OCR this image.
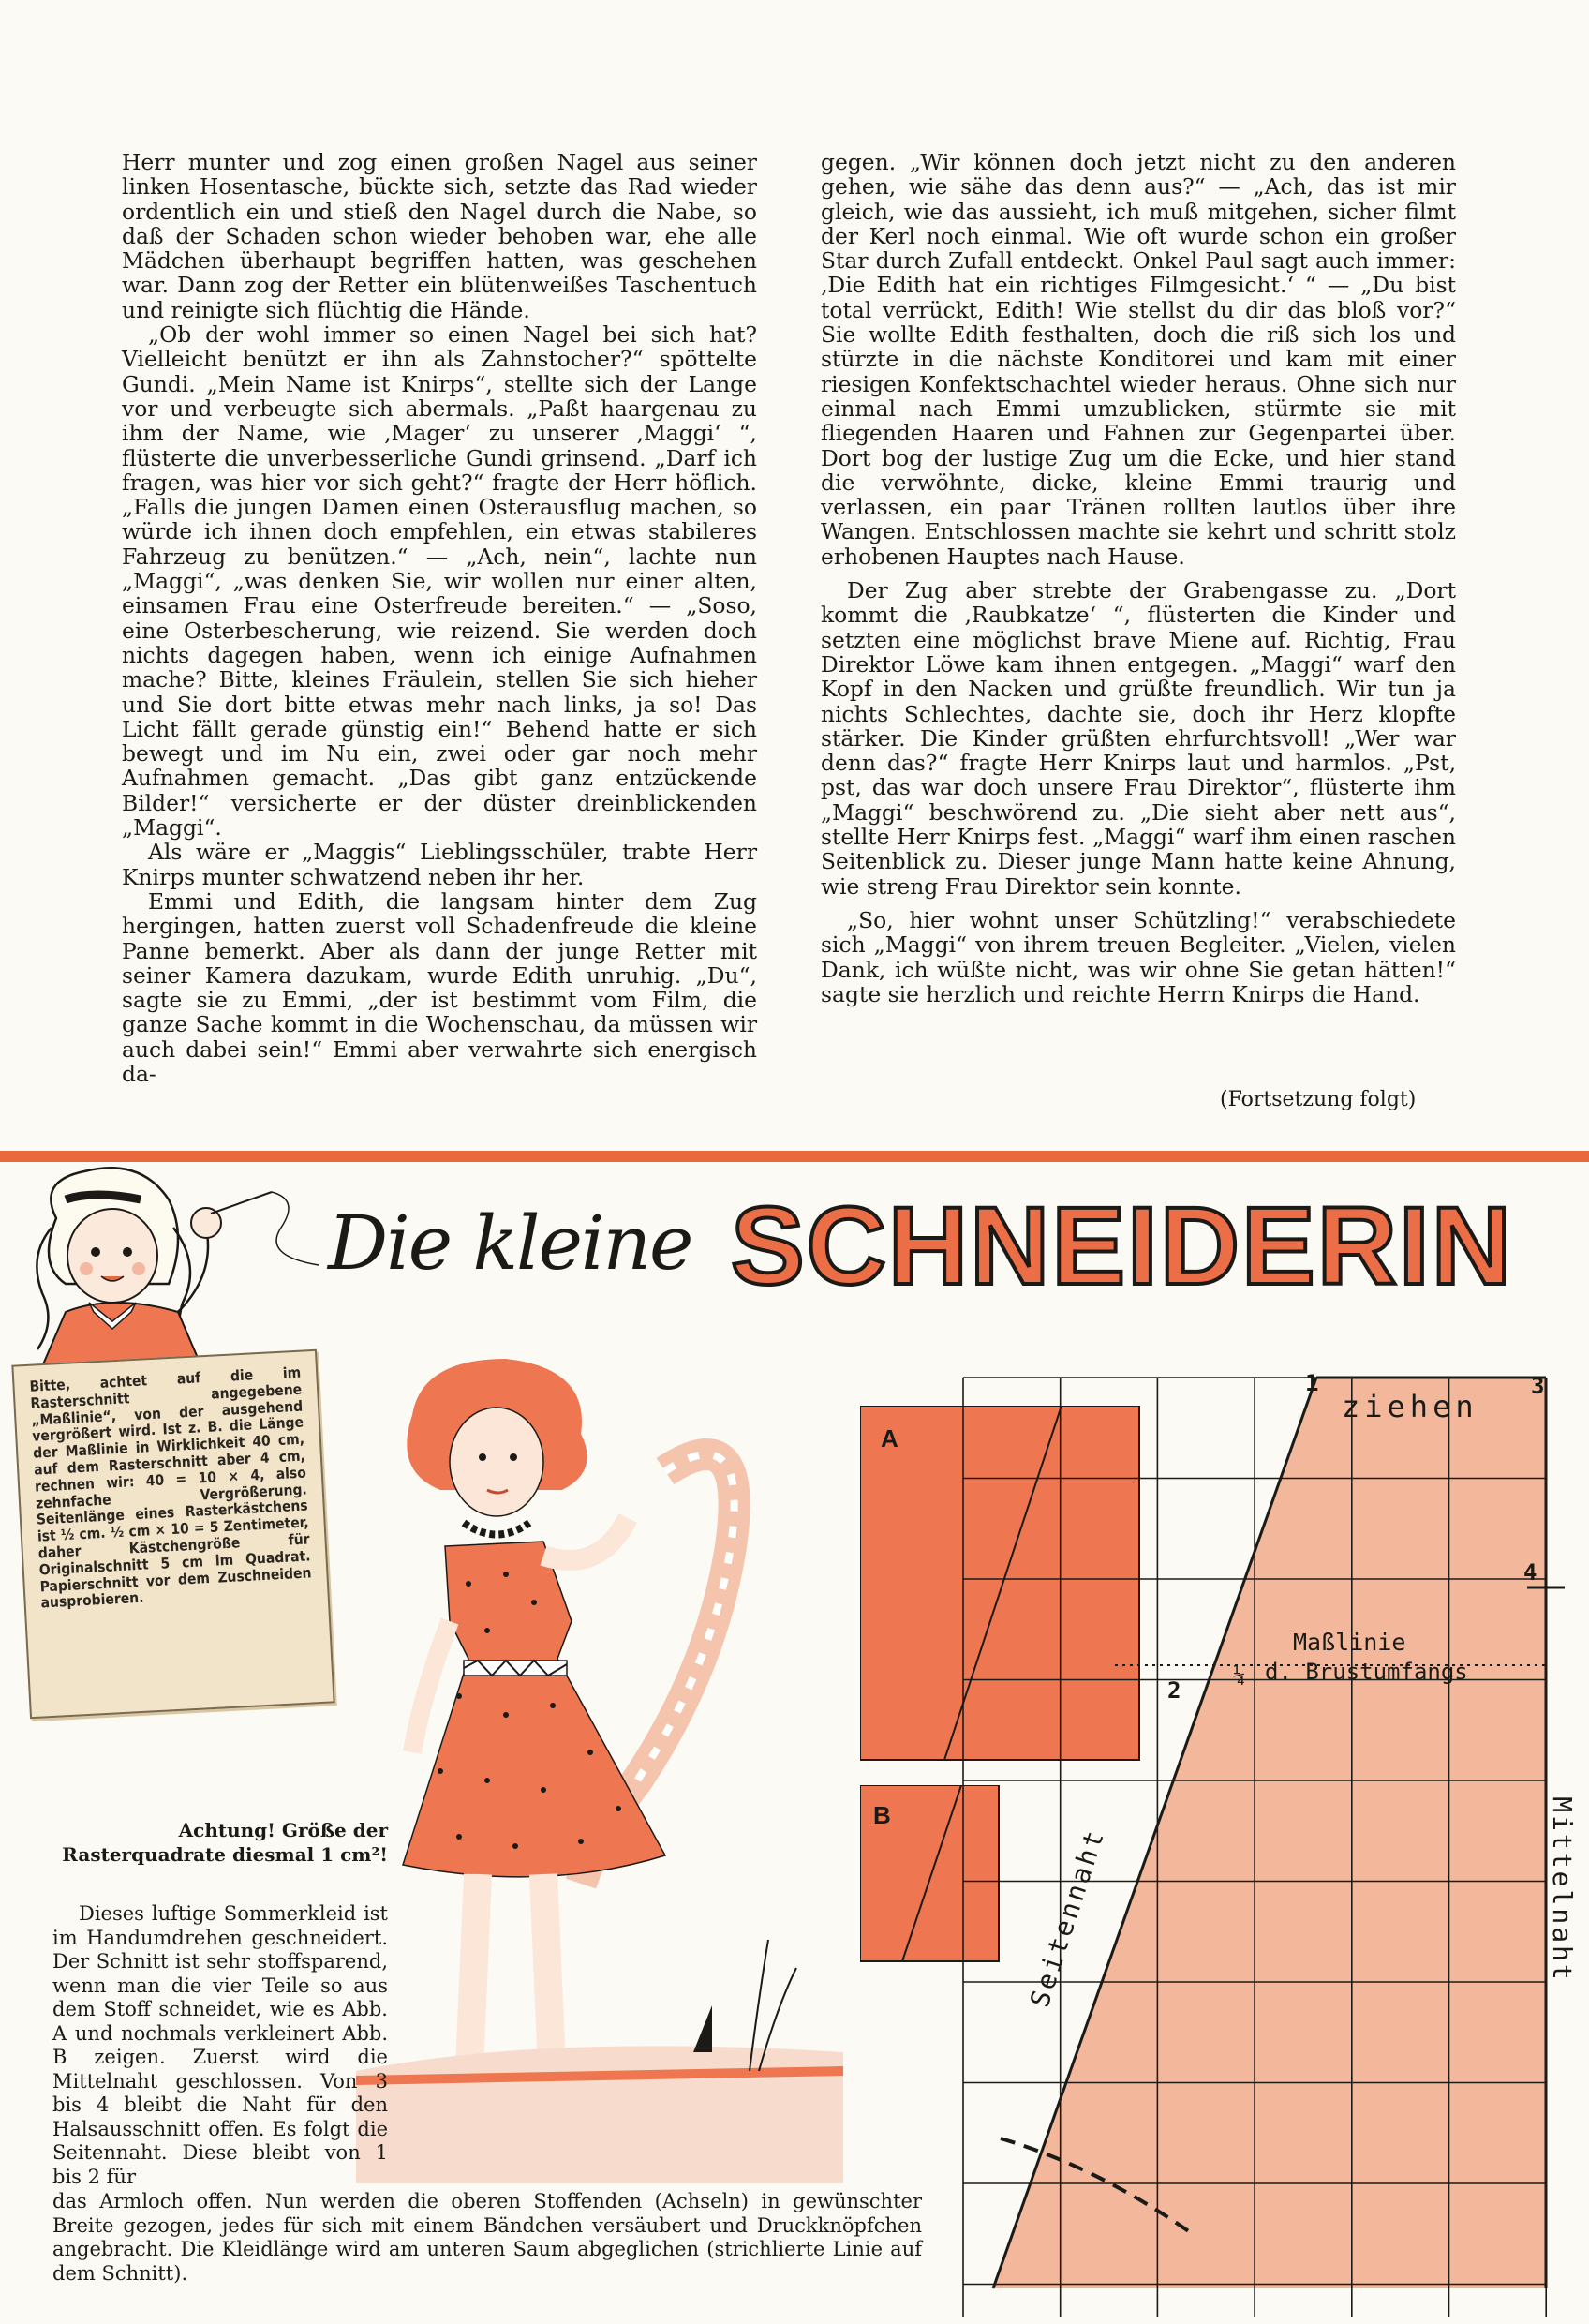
Herr munter und zog einen großen Nagel aus seiner linken Hosentasche, bückte sich, setzte das Rad wieder ordentlich ein und stieß den Nagel durch die Nabe, so daß der Schaden schon wieder behoben war, ehe alle Mädchen überhaupt begriffen hatten, was geschehen war. Dann zog der Retter ein blütenweißes Taschentuch und reinigte sich flüchtig die Hände.

„Ob der wohl immer so einen Nagel bei sich hat? Vielleicht benützt er ihn als Zahnstocher?“ spöttelte Gundi. „Mein Name ist Knirps“, stellte sich der Lange vor und verbeugte sich abermals. „Paßt haargenau zu ihm der Name, wie ‚Mager‘ zu unserer ‚Maggi‘ “, flüsterte die unverbesserliche Gundi grinsend. „Darf ich fragen, was hier vor sich geht?“ fragte der Herr höflich. „Falls die jungen Damen einen Osterausflug machen, so würde ich ihnen doch empfehlen, ein etwas stabileres Fahrzeug zu benützen.“ — „Ach, nein“, lachte nun „Maggi“, „was denken Sie, wir wollen nur einer alten, einsamen Frau eine Osterfreude bereiten.“ — „Soso, eine Osterbescherung, wie reizend. Sie werden doch nichts dagegen haben, wenn ich einige Aufnahmen mache? Bitte, kleines Fräulein, stellen Sie sich hieher und Sie dort bitte etwas mehr nach links, ja so! Das Licht fällt gerade günstig ein!“ Behend hatte er sich bewegt und im Nu ein, zwei oder gar noch mehr Aufnahmen gemacht. „Das gibt ganz entzückende Bilder!“ versicherte er der düster dreinblickenden „Maggi“.

Als wäre er „Maggis“ Lieblingsschüler, trabte Herr Knirps munter schwatzend neben ihr her.

Emmi und Edith, die langsam hinter dem Zug hergingen, hatten zuerst voll Schadenfreude die kleine Panne bemerkt. Aber als dann der junge Retter mit seiner Kamera dazukam, wurde Edith unruhig. „Du“, sagte sie zu Emmi, „der ist bestimmt vom Film, die ganze Sache kommt in die Wochenschau, da müssen wir auch dabei sein!“ Emmi aber verwahrte sich energisch da-

gegen. „Wir können doch jetzt nicht zu den anderen gehen, wie sähe das denn aus?“ — „Ach, das ist mir gleich, wie das aussieht, ich muß mitgehen, sicher filmt der Kerl noch einmal. Wie oft wurde schon ein großer Star durch Zufall entdeckt. Onkel Paul sagt auch immer: ‚Die Edith hat ein richtiges Filmgesicht.‘ “ — „Du bist total verrückt, Edith! Wie stellst du dir das bloß vor?“ Sie wollte Edith festhalten, doch die riß sich los und stürzte in die nächste Konditorei und kam mit einer riesigen Konfektschachtel wieder heraus. Ohne sich nur einmal nach Emmi umzublicken, stürmte sie mit fliegenden Haaren und Fahnen zur Gegenpartei über. Dort bog der lustige Zug um die Ecke, und hier stand die verwöhnte, dicke, kleine Emmi traurig und verlassen, ein paar Tränen rollten lautlos über ihre Wangen. Entschlossen machte sie kehrt und schritt stolz erhobenen Hauptes nach Hause.

Der Zug aber strebte der Grabengasse zu. „Dort kommt die ‚Raubkatze‘ “, flüsterten die Kinder und setzten eine möglichst brave Miene auf. Richtig, Frau Direktor Löwe kam ihnen entgegen. „Maggi“ warf den Kopf in den Nacken und grüßte freundlich. Wir tun ja nichts Schlechtes, dachte sie, doch ihr Herz klopfte stärker. Die Kinder grüßten ehrfurchtsvoll! „Wer war denn das?“ fragte Herr Knirps laut und harmlos. „Pst, pst, das war doch unsere Frau Direktor“, flüsterte ihm „Maggi“ beschwörend zu. „Die sieht aber nett aus“, stellte Herr Knirps fest. „Maggi“ warf ihm einen raschen Seitenblick zu. Dieser junge Mann hatte keine Ahnung, wie streng Frau Direktor sein konnte.

„So, hier wohnt unser Schützling!“ verabschiedete sich „Maggi“ von ihrem treuen Begleiter. „Vielen, vielen Dank, ich wüßte nicht, was wir ohne Sie getan hätten!“ sagte sie herzlich und reichte Herrn Knirps die Hand.

(Fortsetzung folgt)
Die kleine SCHNEIDERIN
Bitte, achtet auf die im Rasterschnitt angegebene „Maßlinie“, von der ausgehend vergrößert wird. Ist z. B. die Länge der Maßlinie in Wirklichkeit 40 cm, auf dem Rasterschnitt aber 4 cm, rechnen wir: 40 = 10 × 4, also zehnfache Vergrößerung. Seitenlänge eines Rasterkästchens ist ½ cm. ½ cm × 10 = 5 Zentimeter, daher Kästchengröße für Originalschnitt 5 cm im Quadrat. Papierschnitt vor dem Zuschneiden ausprobieren.
Achtung! Größe der Rasterquadrate diesmal 1 cm²!

Dieses luftige Sommerkleid ist im Handumdrehen geschneidert. Der Schnitt ist sehr stoffsparend, wenn man die vier Teile so aus dem Stoff schneidet, wie es Abb. A und nochmals verkleinert Abb. B zeigen. Zuerst wird die Mittelnaht geschlossen. Von 3 bis 4 bleibt die Naht für den Halsausschnitt offen. Es folgt die Seitennaht. Diese bleibt von 1 bis 2 für

das Armloch offen. Nun werden die oberen Stoffenden (Achseln) in gewünschter Breite gezogen, jedes für sich mit einem Bändchen versäubert und Druckknöpfchen angebracht. Die Kleidlänge wird am unteren Saum abgeglichen (strichlierte Linie auf dem Schnitt).
A
B
1
2
3
4
ziehen
Maßlinie
¼ d. Brustumfangs
Seitennaht	Mittelnaht
